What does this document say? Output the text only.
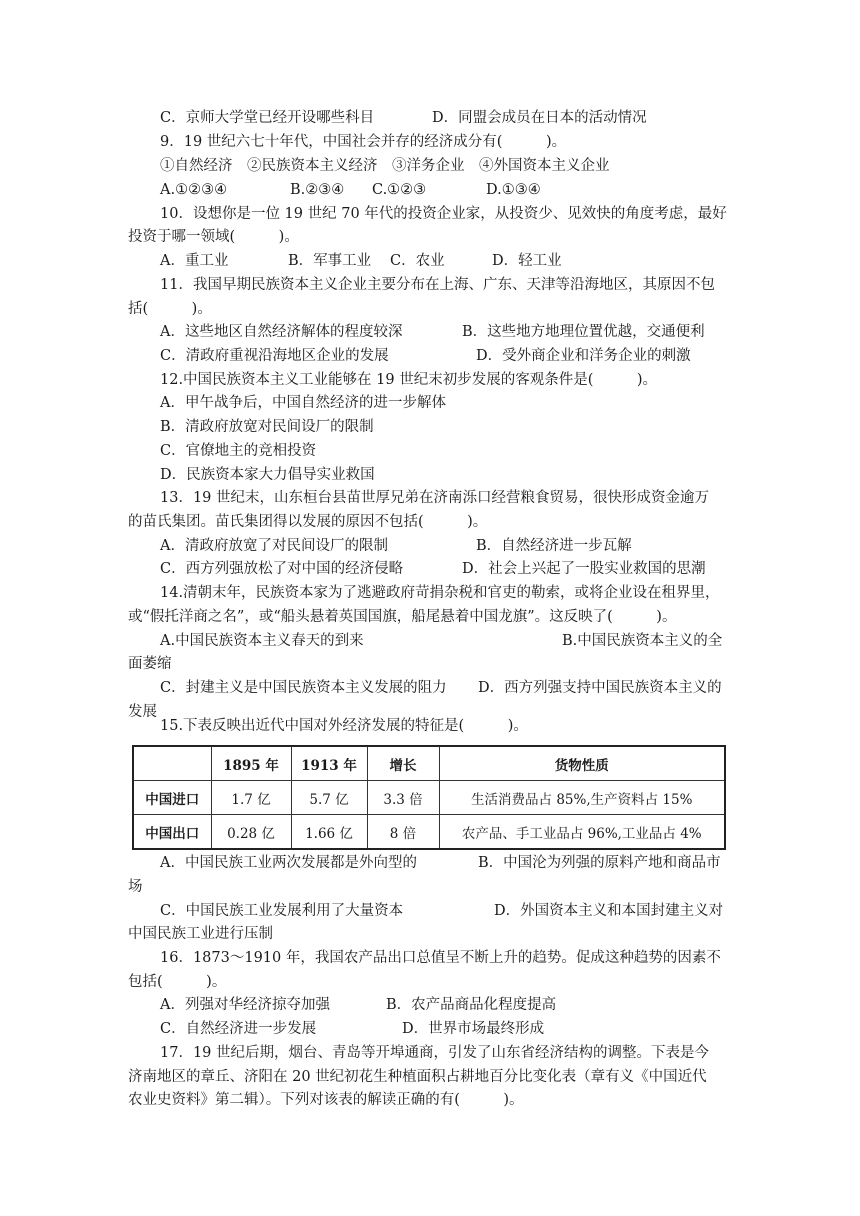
C．京师大学堂已经开设哪些科目	D．同盟会成员在日本的活动情况
9．19 世纪六七十年代，中国社会并存的经济成分有(　　　)。
①自然经济　②民族资本主义经济　③洋务企业　④外国资本主义企业
A.①②③④	B.②③④ C.①②③	D.①③④
10．设想你是一位 19 世纪 70 年代的投资企业家，从投资少、见效快的角度考虑，最好
投资于哪一领域(　　　)。
A．重工业	B．军事工业 C．农业	D．轻工业
11．我国早期民族资本主义企业主要分布在上海、广东、天津等沿海地区，其原因不包
括(　　　)。
A．这些地区自然经济解体的程度较深	B．这些地方地理位置优越，交通便利
C．清政府重视沿海地区企业的发展	D．受外商企业和洋务企业的刺激
12.中国民族资本主义工业能够在 19 世纪末初步发展的客观条件是(　　　)。
A．甲午战争后，中国自然经济的进一步解体
B．清政府放宽对民间设厂的限制
C．官僚地主的竞相投资
D．民族资本家大力倡导实业救国
13．19 世纪末，山东桓台县苗世厚兄弟在济南泺口经营粮食贸易，很快形成资金逾万
的苗氏集团。苗氏集团得以发展的原因不包括(　　　)。
A．清政府放宽了对民间设厂的限制	B．自然经济进一步瓦解
C．西方列强放松了对中国的经济侵略	D．社会上兴起了一股实业救国的思潮
14.清朝末年，民族资本家为了逃避政府苛捐杂税和官吏的勒索，或将企业设在租界里，
或“假托洋商之名”，或“船头悬着英国国旗，船尾悬着中国龙旗”。这反映了(　　　)。
A.中国民族资本主义春天的到来	B.中国民族资本主义的全
面萎缩
C．封建主义是中国民族资本主义发展的阻力 D．西方列强支持中国民族资本主义的
发展
15.下表反映出近代中国对外经济发展的特征是(　　　)。
A．中国民族工业两次发展都是外向型的	B．中国沦为列强的原料产地和商品市
场
C．中国民族工业发展利用了大量资本	D．外国资本主义和本国封建主义对
中国民族工业进行压制
16．1873～1910 年，我国农产品出口总值呈不断上升的趋势。促成这种趋势的因素不
包括(　　　)。
A．列强对华经济掠夺加强	B．农产品商品化程度提高
C．自然经济进一步发展	D．世界市场最终形成
17．19 世纪后期，烟台、青岛等开埠通商，引发了山东省经济结构的调整。下表是今
济南地区的章丘、济阳在 20 世纪初花生种植面积占耕地百分比变化表（章有义《中国近代
农业史资料》第二辑）。下列对该表的解读正确的有(　　　)。
	1895 年	1913 年	增长	货物性质
中国进口	1.7 亿	5.7 亿	3.3 倍	生活消费品占 85%,生产资料占 15%
中国出口	0.28 亿	1.66 亿	8 倍	农产品、手工业品占 96%,工业品占 4%
